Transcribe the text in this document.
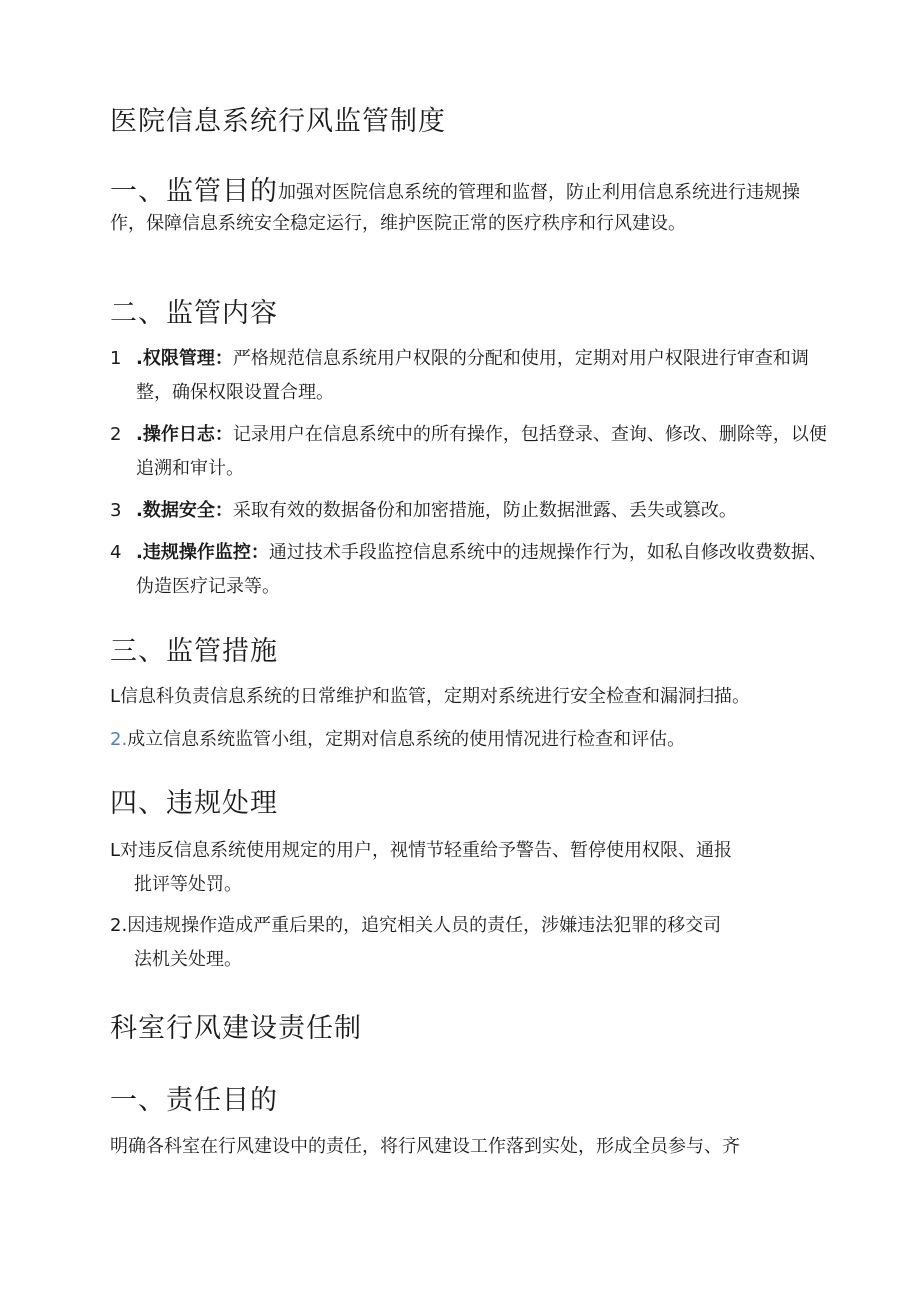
医院信息系统行风监管制度

一、监管目的加强对医院信息系统的管理和监督，防止利用信息系统进行违规操作，保障信息系统安全稳定运行，维护医院正常的医疗秩序和行风建设。

二、监管内容

1 .权限管理：严格规范信息系统用户权限的分配和使用，定期对用户权限进行审查和调整，确保权限设置合理。

2 .操作日志：记录用户在信息系统中的所有操作，包括登录、查询、修改、删除等，以便追溯和审计。

3 .数据安全：采取有效的数据备份和加密措施，防止数据泄露、丢失或篡改。

4 .违规操作监控：通过技术手段监控信息系统中的违规操作行为，如私自修改收费数据、伪造医疗记录等。

三、监管措施

L信息科负责信息系统的日常维护和监管，定期对系统进行安全检查和漏洞扫描。

2.成立信息系统监管小组，定期对信息系统的使用情况进行检查和评估。

四、违规处理

L对违反信息系统使用规定的用户，视情节轻重给予警告、暂停使用权限、通报
批评等处罚。

2.因违规操作造成严重后果的，追究相关人员的责任，涉嫌违法犯罪的移交司
法机关处理。

科室行风建设责任制
一、责任目的

明确各科室在行风建设中的责任，将行风建设工作落到实处，形成全员参与、齐
